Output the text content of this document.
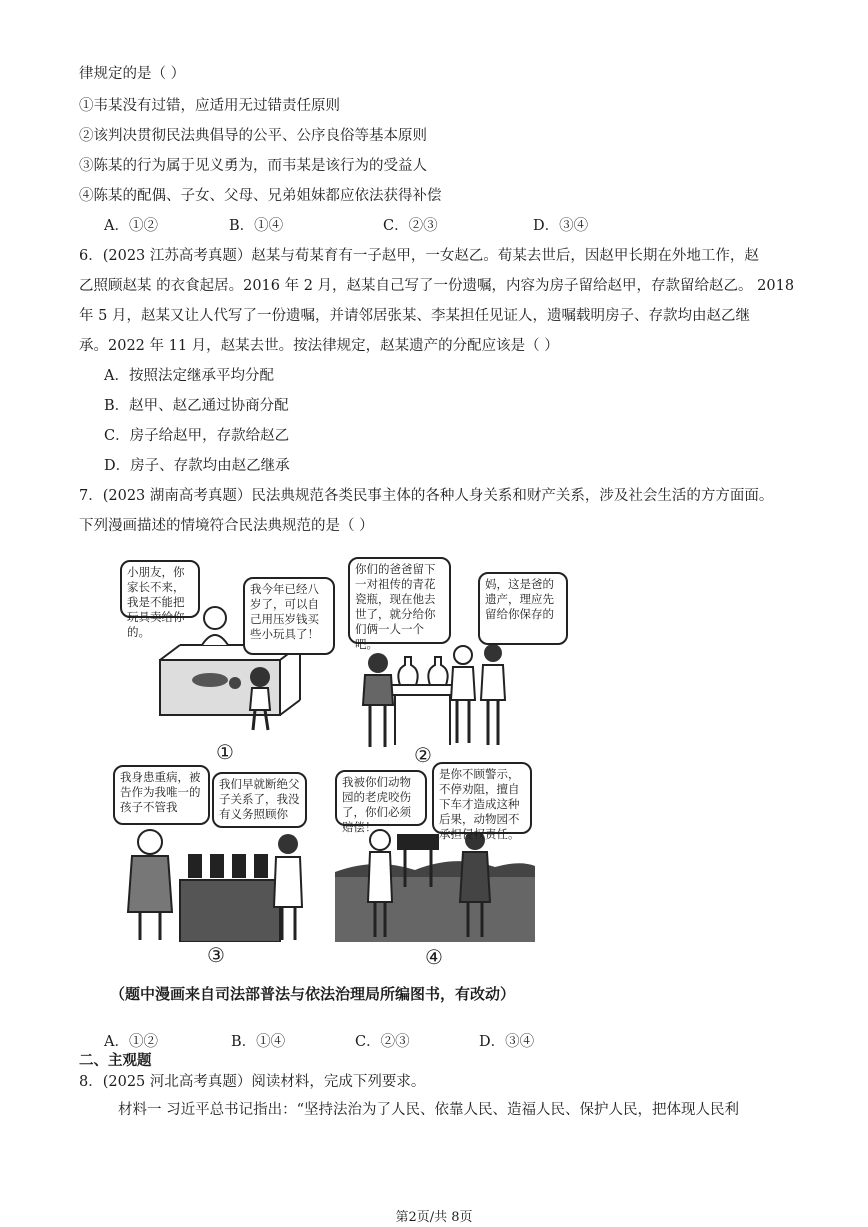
律规定的是（ ）
①韦某没有过错，应适用无过错责任原则
②该判决贯彻民法典倡导的公平、公序良俗等基本原则
③陈某的行为属于见义勇为，而韦某是该行为的受益人
④陈某的配偶、子女、父母、兄弟姐妹都应依法获得补偿
A．①②	B．①④	C．②③	D．③④
6．(2023 江苏高考真题）赵某与荀某育有一子赵甲，一女赵乙。荀某去世后，因赵甲长期在外地工作，赵
乙照顾赵某 的衣食起居。2016 年 2 月，赵某自己写了一份遗嘱，内容为房子留给赵甲，存款留给赵乙。 2018
年 5 月，赵某又让人代写了一份遗嘱，并请邻居张某、李某担任见证人，遗嘱载明房子、存款均由赵乙继
承。2022 年 11 月，赵某去世。按法律规定，赵某遗产的分配应该是（ ）
A．按照法定继承平均分配
B．赵甲、赵乙通过协商分配
C．房子给赵甲，存款给赵乙
D．房子、存款均由赵乙继承
7．(2023 湖南高考真题）民法典规范各类民事主体的各种人身关系和财产关系，涉及社会生活的方方面面。
下列漫画描述的情境符合民法典规范的是（ ）
小朋友，你家长不来，我是不能把玩具卖给你的。
我今年已经八岁了，可以自己用压岁钱买些小玩具了！
①
你们的爸爸留下一对祖传的青花瓷瓶，现在他去世了，就分给你们俩一人一个吧。
妈，这是爸的遗产，理应先留给你保存的
②
我身患重病，被告作为我唯一的孩子不管我
我们早就断绝父子关系了，我没有义务照顾你
③
我被你们动物园的老虎咬伤了，你们必须赔偿！
是你不顾警示，不停劝阻，擅自下车才造成这种后果，动物园不承担侵权责任。
④
（题中漫画来自司法部普法与依法治理局所编图书，有改动）
A．①②	B．①④	C．②③	D．③④
二、主观题
8．(2025 河北高考真题）阅读材料，完成下列要求。
材料一 习近平总书记指出：“坚持法治为了人民、依靠人民、造福人民、保护人民，把体现人民利
第2页/共 8页
